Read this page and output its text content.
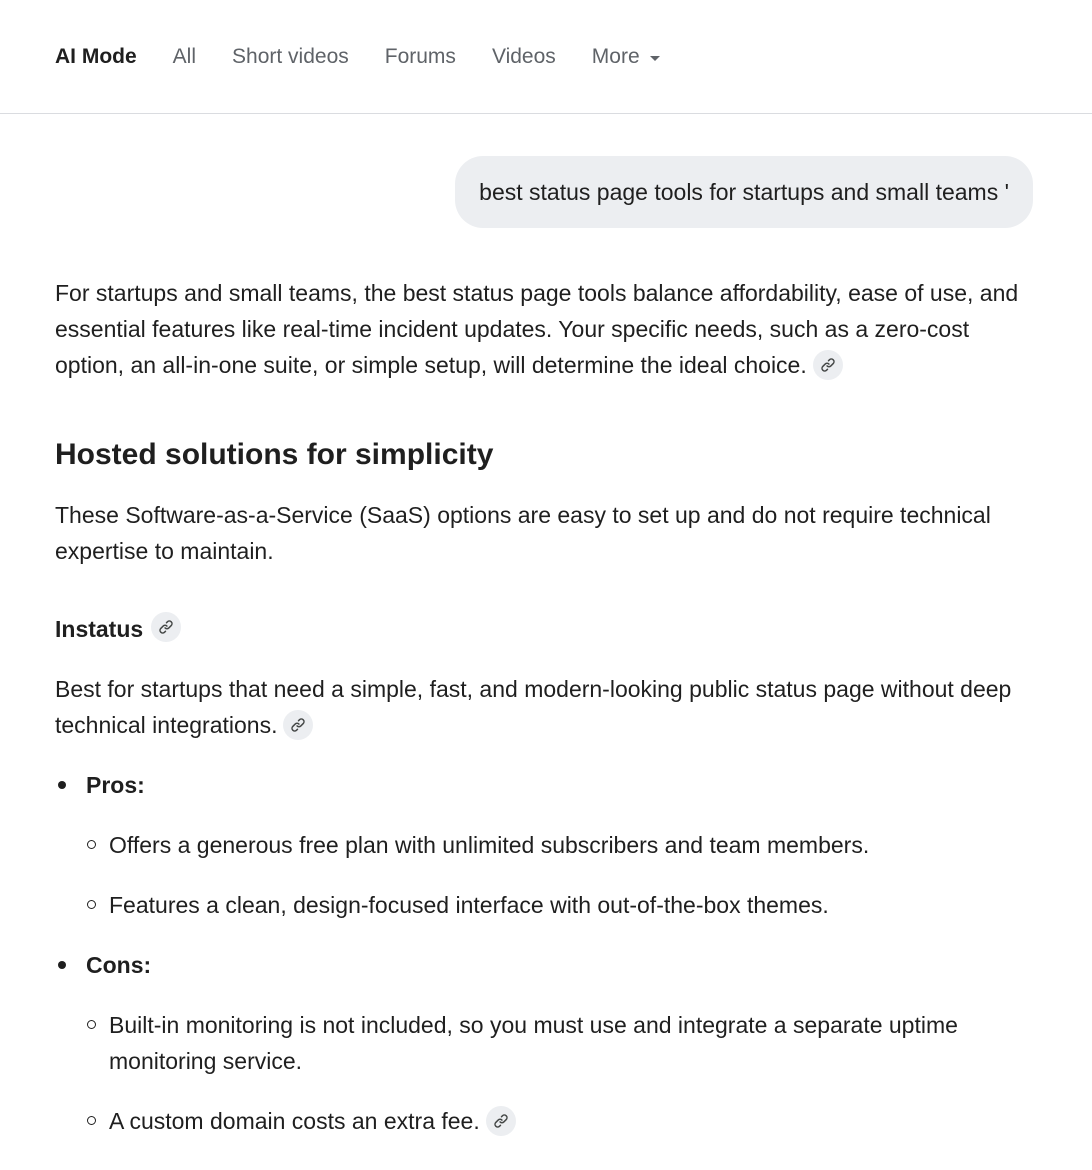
AI Mode All Short videos Forums Videos More
best status page tools for startups and small teams '

For startups and small teams, the best status page tools balance affordability, ease of use, and essential features like real-time incident updates. Your specific needs, such as a zero-cost option, an all-in-one suite, or simple setup, will determine the ideal choice.

Hosted solutions for simplicity

These Software-as-a-Service (SaaS) options are easy to set up and do not require technical expertise to maintain.

Instatus

Best for startups that need a simple, fast, and modern-looking public status page without deep technical integrations.

Pros:
Offers a generous free plan with unlimited subscribers and team members.
Features a clean, design-focused interface with out-of-the-box themes.
Cons:
Built-in monitoring is not included, so you must use and integrate a separate uptime monitoring service.
A custom domain costs an extra fee.
